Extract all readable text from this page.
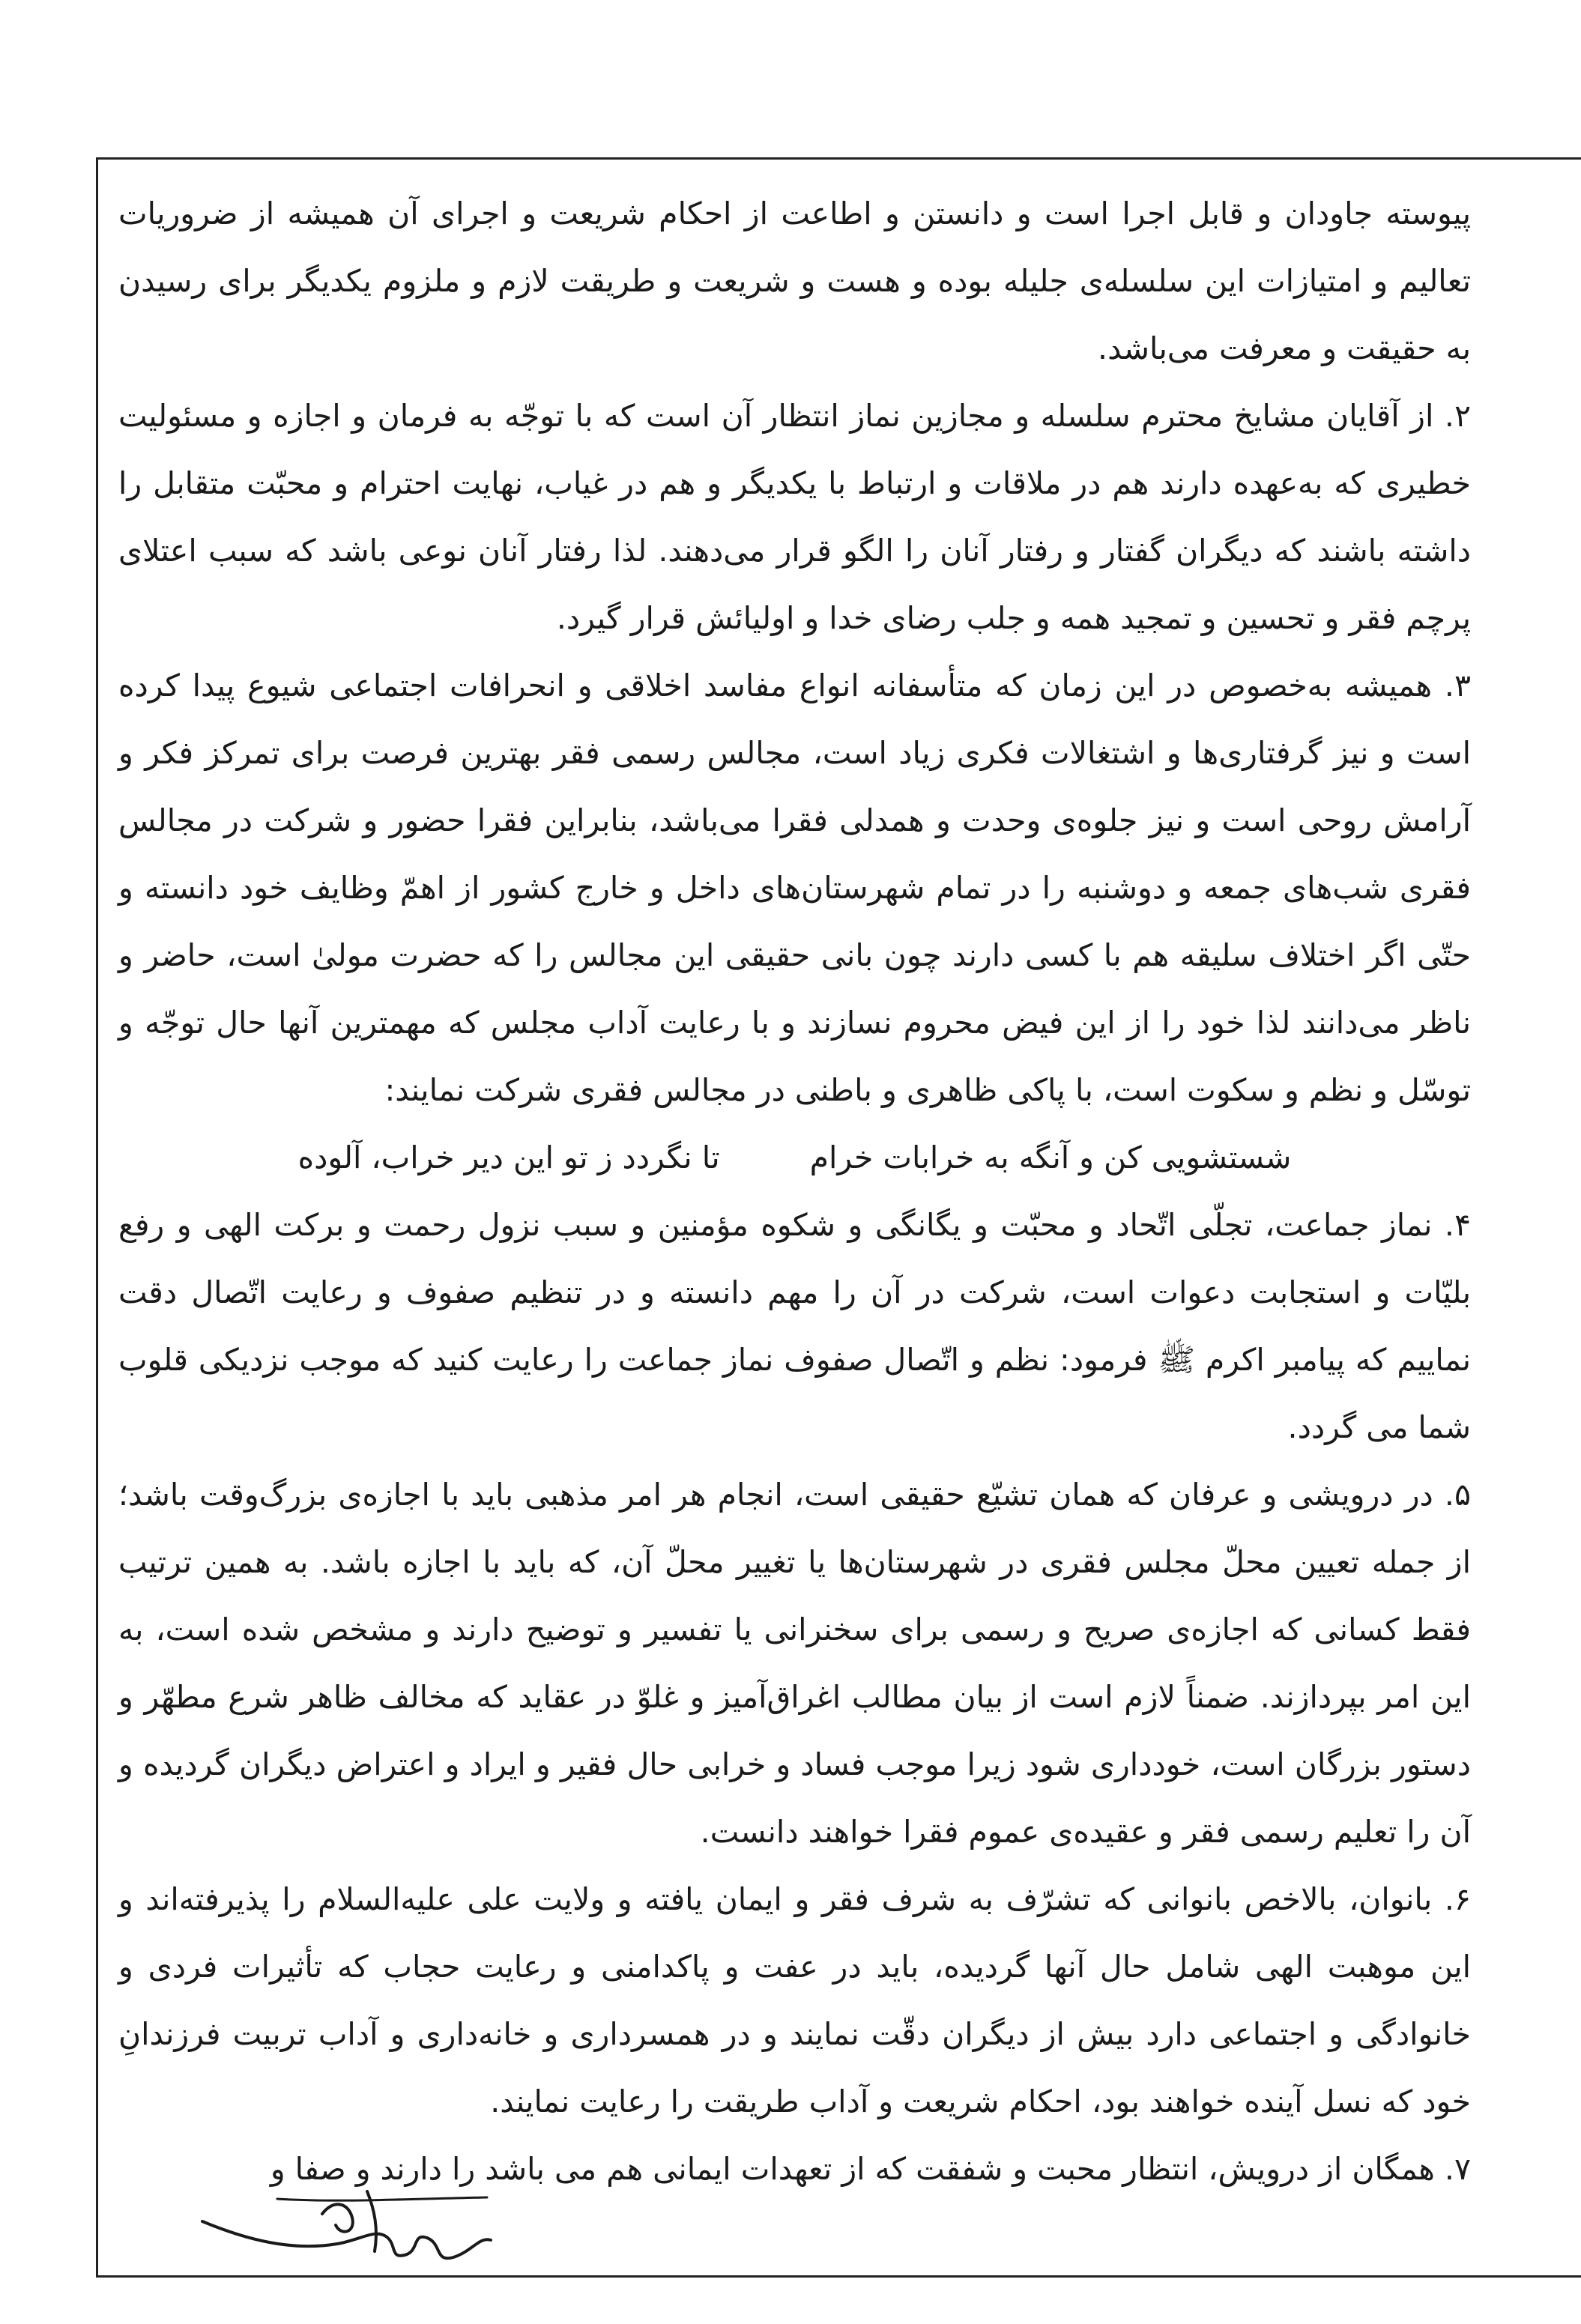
پیوسته جاودان و قابل اجرا است و دانستن و اطاعت از احکام شریعت و اجرای آن همیشه از ضروریات تعالیم و امتیازات این سلسله‌ی جلیله بوده و هست و شریعت و طریقت لازم و ملزوم یکدیگر برای رسیدن به حقیقت و معرفت می‌باشد.

۲. از آقایان مشایخ محترم سلسله و مجازین نماز انتظار آن است که با توجّه به فرمان و اجازه و مسئولیت خطیری که به‌عهده دارند هم در ملاقات و ارتباط با یکدیگر و هم در غیاب، نهایت احترام و محبّت متقابل را داشته باشند که دیگران گفتار و رفتار آنان را الگو قرار می‌دهند. لذا رفتار آنان نوعی باشد که سبب اعتلای پرچم فقر و تحسین و تمجید همه و جلب رضای خدا و اولیائش قرار گیرد.

۳. همیشه به‌خصوص در این زمان که متأسفانه انواع مفاسد اخلاقی و انحرافات اجتماعی شیوع پیدا کرده است و نیز گرفتاری‌ها و اشتغالات فکری زیاد است، مجالس رسمی فقر بهترین فرصت برای تمرکز فکر و آرامش روحی است و نیز جلوه‌ی وحدت و همدلی فقرا می‌باشد، بنابراین فقرا حضور و شرکت در مجالس فقری شب‌های جمعه و دوشنبه را در تمام شهرستان‌های داخل و خارج کشور از اهمّ وظایف خود دانسته و حتّی اگر اختلاف سلیقه هم با کسی دارند چون بانی حقیقی این مجالس را که حضرت مولیٰ است، حاضر و ناظر می‌دانند لذا خود را از این فیض محروم نسازند و با رعایت آداب مجلس که مهمترین آنها حال توجّه و توسّل و نظم و سکوت است، با پاکی ظاهری و باطنی در مجالس فقری شرکت نمایند:

شستشویی کن و آنگه به خرابات خرام
تا نگردد ز تو این دیر خراب، آلوده

۴. نماز جماعت، تجلّی اتّحاد و محبّت و یگانگی و شکوه مؤمنین و سبب نزول رحمت و برکت الهی و رفع بلیّات و استجابت دعوات است، شرکت در آن را مهم دانسته و در تنظیم صفوف و رعایت اتّصال دقت نماییم که پیامبر اکرم ﷺ فرمود: نظم و اتّصال صفوف نماز جماعت را رعایت کنید که موجب نزدیکی قلوب شما می گردد.

۵. در درویشی و عرفان که همان تشیّع حقیقی است، انجام هر امر مذهبی باید با اجازه‌ی بزرگ‌وقت باشد؛ از جمله تعیین محلّ مجلس فقری در شهرستان‌ها یا تغییر محلّ آن، که باید با اجازه باشد. به همین ترتیب فقط کسانی که اجازه‌ی صریح و رسمی برای سخنرانی یا تفسیر و توضیح دارند و مشخص شده است، به این امر بپردازند. ضمناً لازم است از بیان مطالب اغراق‌آمیز و غلوّ در عقاید که مخالف ظاهر شرع مطهّر و دستور بزرگان است، خودداری شود زیرا موجب فساد و خرابی حال فقیر و ایراد و اعتراض دیگران گردیده و آن را تعلیم رسمی فقر و عقیده‌ی عموم فقرا خواهند دانست.

۶. بانوان، بالاخص بانوانی که تشرّف به شرف فقر و ایمان یافته و ولایت علی علیه‌السلام را پذیرفته‌اند و این موهبت الهی شامل حال آنها گردیده، باید در عفت و پاکدامنی و رعایت حجاب که تأثیرات فردی و خانوادگی و اجتماعی دارد بیش از دیگران دقّت نمایند و در همسرداری و خانه‌داری و آداب تربیت فرزندانِ خود که نسل آینده خواهند بود، احکام شریعت و آداب طریقت را رعایت نمایند.

۷. همگان از درویش، انتظار محبت و شفقت که از تعهدات ایمانی هم می باشد را دارند و صفا و
